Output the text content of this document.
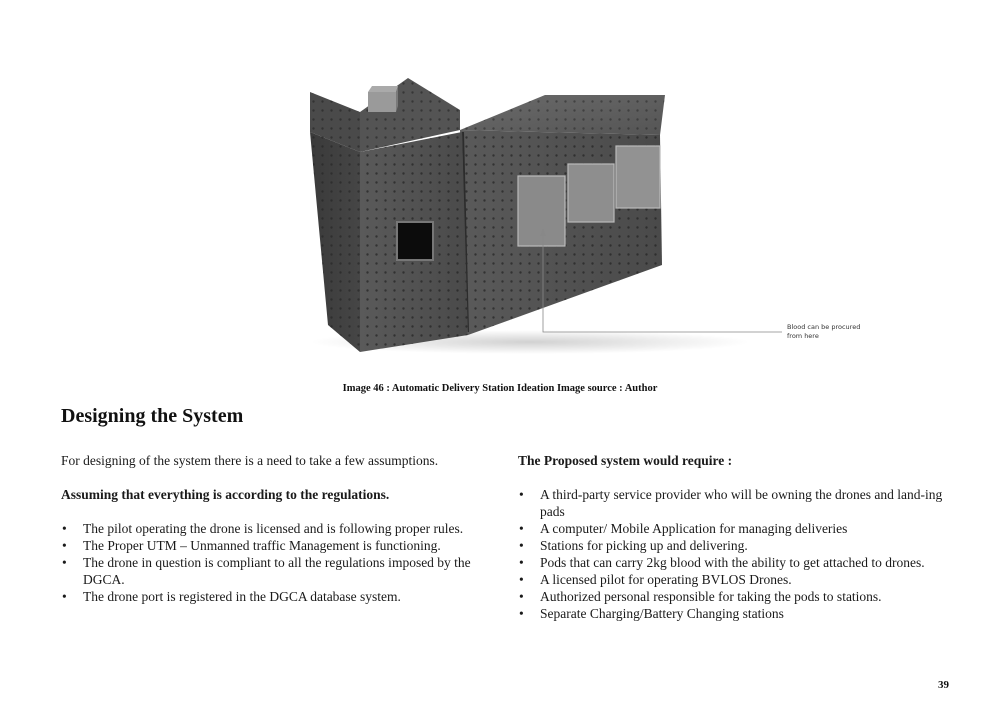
Blood can be procured from here
Image 46 : Automatic Delivery Station Ideation Image source : Author
Designing the System

For designing of the system there is a need to take a few assumptions.

Assuming that everything is according to the regulations.

• The pilot operating the drone is licensed and is following proper rules.
• The Proper UTM – Unmanned traffic Management is functioning.
• The drone in question is compliant to all the regulations imposed by the DGCA.
• The drone port is registered in the DGCA database system.

The Proposed system would require :

• A third-party service provider who will be owning the drones and land-ing pads
• A computer/ Mobile Application for managing deliveries
• Stations for picking up and delivering.
• Pods that can carry 2kg blood with the ability to get attached to drones.
• A licensed pilot for operating BVLOS Drones.
• Authorized personal responsible for taking the pods to stations.
• Separate Charging/Battery Changing stations
39
